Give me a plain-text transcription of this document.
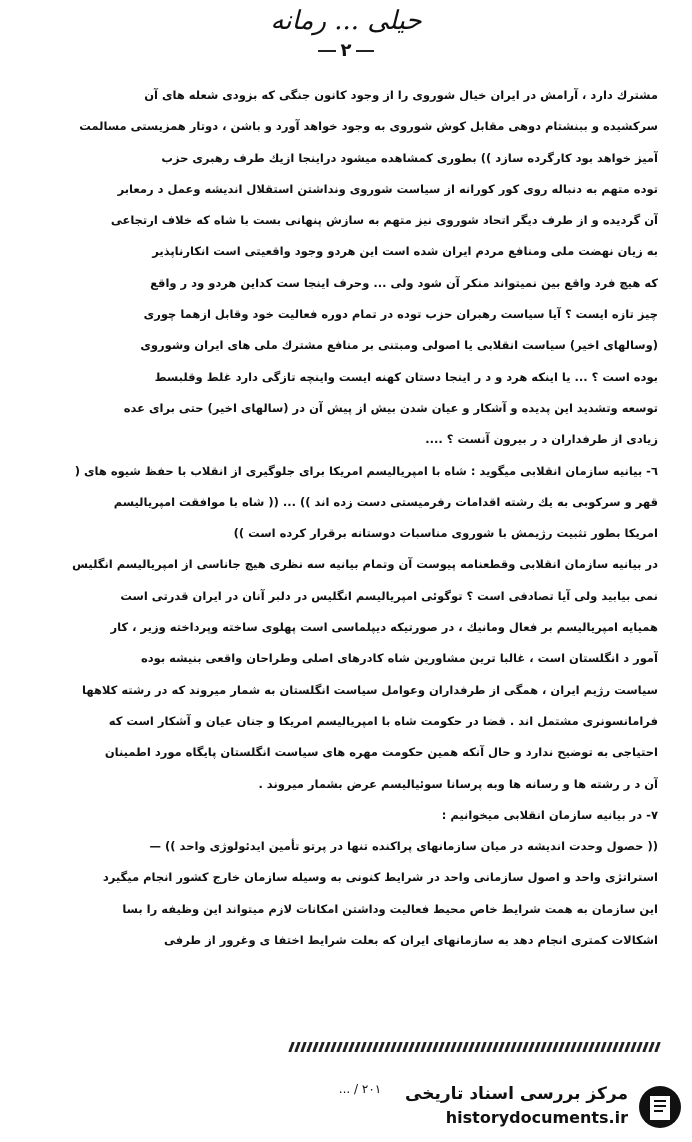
حیلی ... رمانه
۲
مشترك دارد ، آرامش در ایران خیال شوروی را از وجود کانون جنگی که بزودی شعله های آن
سرکشیده و ببنشتام دوهی مقابل کوش شوروی به وجود خواهد آورد و باشن ، دوتار همزیستی مسالمت
آمیز خواهد بود کارگرده سازد )) بطوری کمشاهده میشود دراینجا ازیك طرف رهبری حزب
توده متهم به دنباله روی کور کورانه از سیاست شوروی ونداشتن استقلال اندیشه وعمل د رمعابر
آن گردیده و از طرف دیگر اتحاد شوروی نیز متهم به سازش پنهانی بست با شاه که خلاف ارتجاعی
به زیان نهضت ملی ومنافع مردم ایران شده است این هردو وجود واقعیتی است انکارناپذیر
که هیچ فرد واقع بین نمیتواند منکر آن شود ولی ... وحرف اینجا ست کداین هردو ود ر واقع
چیز تازه ایست ؟ آیا سیاست رهبران حزب توده در تمام دوره فعالیت خود وقابل ازهما چوری
(وسالهای اخیر) سیاست انقلابی یا اصولی ومبتنی بر منافع مشترك ملی های ایران وشوروی
بوده است ؟ ... یا اینکه هرد و د ر اینجا دستان کهنه ایست واینچه تازگی دارد غلط وقلبسط
توسعه وتشدید این پدیده و آشکار و عیان شدن بیش از پیش آن در (سالهای اخیر) حتی برای عده
زیادی از طرفداران د ر بیرون آنست ؟ ....
٦- بیانیه سازمان انقلابی میگوید : شاه با امپریالیسم امریکا برای جلوگیری از انقلاب با حفظ شیوه های (
قهر و سرکوبی به یك رشته اقدامات رفرمیستی دست زده اند )) ... (( شاه با موافقت امپریالیسم
امریکا بطور تثبیت رژیمش با شوروی مناسبات دوستانه برقرار کرده است ))
در بیانیه سازمان انقلابی وقطعنامه پیوست آن وتمام بیانیه سه نظری هیچ جاناسی از امپریالیسم انگلیس
نمی بیابید ولی آیا تصادفی است ؟ توگوئی امپریالیسم انگلیس در دلبر آنان در ایران قدرتی است
همیایه امپریالیسم بر فعال ومانیك ، در صورتیکه دیپلماسی است پهلوی ساخته وپرداخته وزیر ، کار
آمور د انگلستان است ، غالبا ترین مشاورین شاه کادرهای اصلی وطراحان واقعی بنیشه بوده
سیاست رژیم ایران ، همگی از طرفداران وعوامل سیاست انگلستان به شمار میروند که در رشته کلاهها
فرامانسونری مشتمل اند . قضا در حکومت شاه با امپریالیسم امریکا و جنان عیان و آشکار است که
احتیاجی به توضیح ندارد و حال آنکه همین حکومت مهره های سیاست انگلستان پایگاه مورد اطمینان
آن د ر رشته ها و رسانه ها وبه پرسانا سوئیالیسم عرض بشمار میروند .
٧- در بیانیه سازمان انقلابی میخوانیم :
(( حصول وحدت اندیشه در میان سازمانهای پراکنده تنها در پرتو تأمین ایدئولوژی واحد )) —
استراتژی واحد و اصول سازمانی واحد در شرایط کنونی به وسیله سازمان خارج کشور انجام میگیرد
این سازمان به همت شرایط خاص محیط فعالیت وداشتن امکانات لازم میتواند این وظیفه را بسا
اشکالات کمتری انجام دهد به سازمانهای ایران که بعلت شرایط اختفا ی وغرور از طرفی
۲۰۱ / ...	مرکز بررسی اسناد تاریخی
historydocuments.ir
